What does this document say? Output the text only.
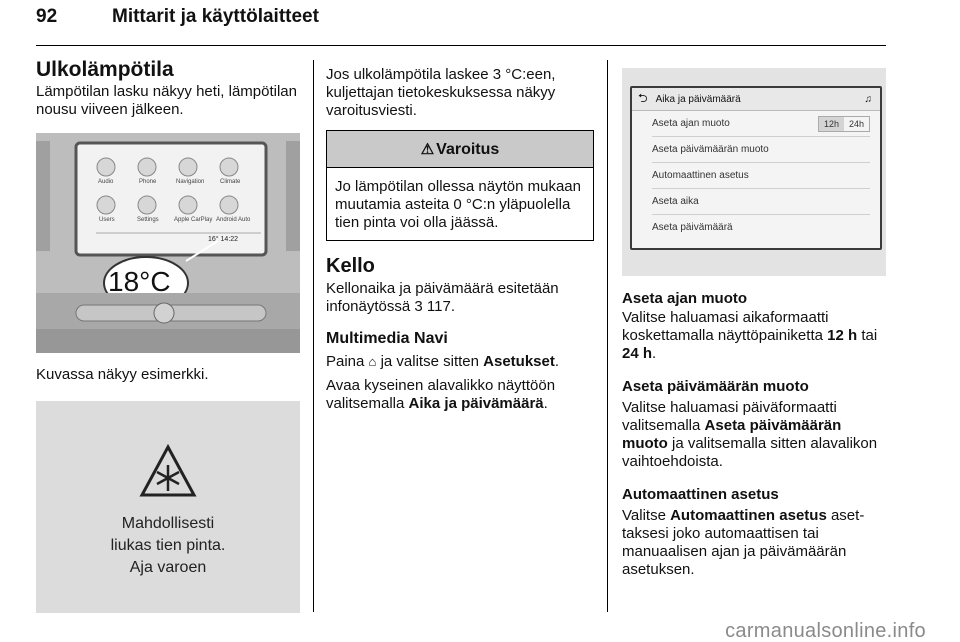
92	Mittarit ja käyttölaitteet
Ulkolämpötila

Lämpötilan lasku näkyy heti, lämpötilan nousu viiveen jälkeen.

Audio	Phone	Navigation	Climate
Users	Settings	Apple CarPlay Android Auto
16° 14:22
18°C

Kuvassa näkyy esimerkki.

Mahdollisesti
liukas tien pinta.
Aja varoen

Jos ulkolämpötila laskee 3 °C:een, kuljettajan tietokeskuksessa näkyy varoitusviesti.

⚠ Varoitus
Jo lämpötilan ollessa näytön mukaan muutamia asteita 0 °C:n yläpuolella tien pinta voi olla jäässä.
Kello

Kellonaika ja päivämäärä esitetään infonäytössä 3 117.

Multimedia Navi

Paina ⌂ ja valitse sitten Asetukset.

Avaa kyseinen alavalikko näyttöön valitsemalla Aika ja päivämäärä.

⮌ Aika ja päivämäärä	♫
Aseta ajan muoto	12h	24h
Aseta päivämäärän muoto
Automaattinen asetus
Aseta aika
Aseta päivämäärä
Aseta ajan muoto

Valitse haluamasi aikaformaatti koskettamalla näyttöpainiketta 12 h tai 24 h.

Aseta päivämäärän muoto

Valitse haluamasi päiväformaatti valitsemalla Aseta päivämäärän muoto ja valitsemalla sitten alavalikon vaihtoehdoista.

Automaattinen asetus

Valitse Automaattinen asetus asettaksesi joko automaattisen tai manuaalisen ajan ja päivämäärän asetuksen.

carmanualsonline.info
